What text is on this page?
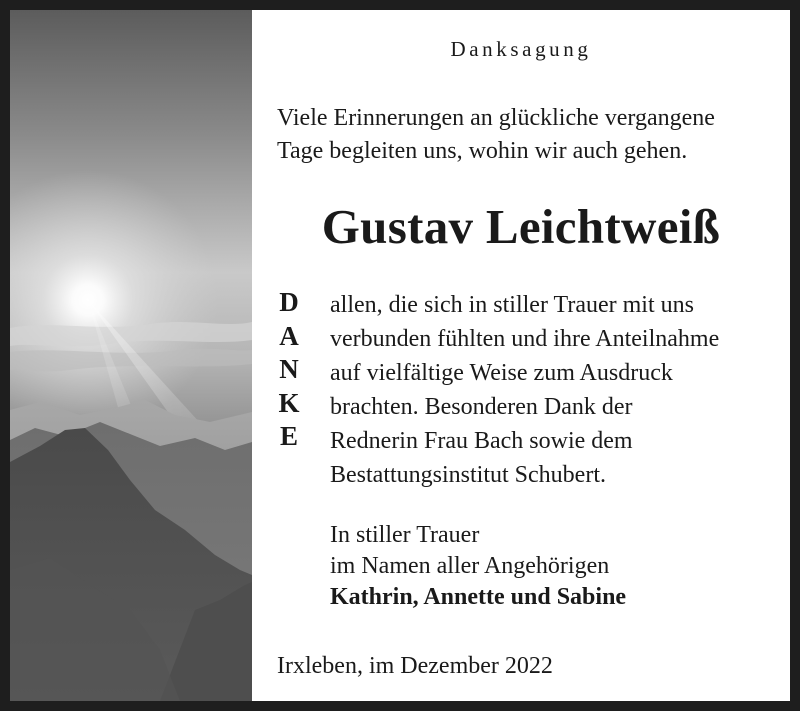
Danksagung
Viele Erinnerungen an glückliche vergangene
Tage begleiten uns, wohin wir auch gehen.
Gustav Leichtweiß
D
A
N
K
E
allen, die sich in stiller Trauer mit uns
verbunden fühlten und ihre Anteilnahme
auf vielfältige Weise zum Ausdruck
brachten. Besonderen Dank der
Rednerin Frau Bach sowie dem
Bestattungsinstitut Schubert.
In stiller Trauer
im Namen aller Angehörigen
Kathrin, Annette und Sabine
Irxleben, im Dezember 2022
